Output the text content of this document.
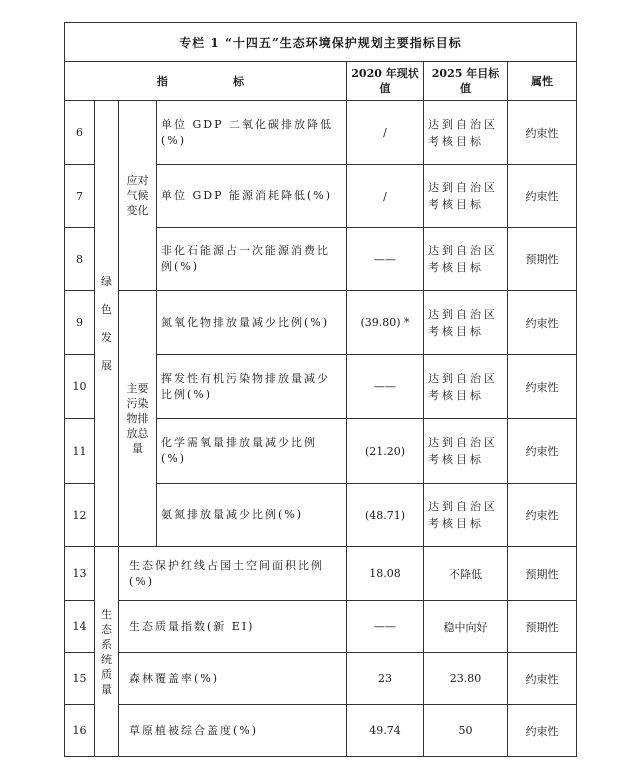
专栏 1 “十四五”生态环境保护规划主要指标目标						
指    标				2020 年现状值	2025 年目标值	属性
6	绿色发展	应对气候变化	单位 GDP 二氧化碳排放降低(%)	/	达到自治区考核目标	约束性
7			单位 GDP 能源消耗降低(%)	/	达到自治区考核目标	约束性
8			非化石能源占一次能源消费比例(%)	——	达到自治区考核目标	预期性
9		主要污染物排放总量	氮氧化物排放量减少比例(%)	(39.80) *	达到自治区考核目标	约束性
10			挥发性有机污染物排放量减少比例(%)	——	达到自治区考核目标	约束性
11			化学需氧量排放量减少比例(%)	(21.20)	达到自治区考核目标	约束性
12			氨氮排放量减少比例(%)	(48.71)	达到自治区考核目标	约束性
13	生态系统质量	生态保护红线占国土空间面积比例(%)		18.08	不降低	预期性
14		生态质量指数(新 EI)		——	稳中向好	预期性
15		森林覆盖率(%)		23	23.80	约束性
16		草原植被综合盖度(%)		49.74	50	约束性
